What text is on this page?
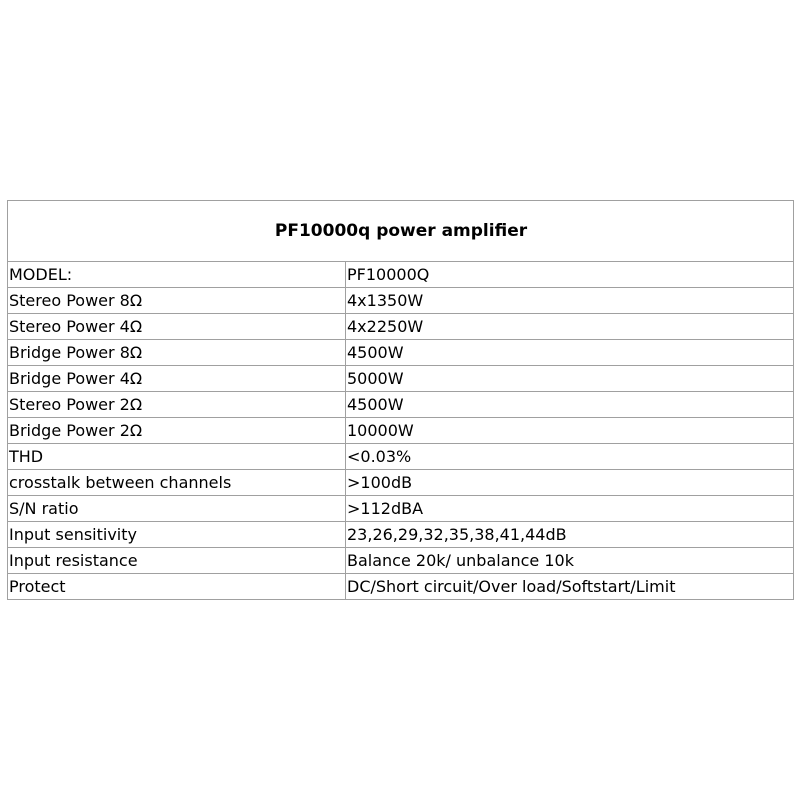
PF10000q power amplifier	
MODEL:	PF10000Q
Stereo Power 8Ω	4x1350W
Stereo Power 4Ω	4x2250W
Bridge Power 8Ω	4500W
Bridge Power 4Ω	5000W
Stereo Power 2Ω	4500W
Bridge Power 2Ω	10000W
THD	<0.03%
crosstalk between channels	>100dB
S/N ratio	>112dBA
Input sensitivity	23,26,29,32,35,38,41,44dB
Input resistance	Balance 20k/ unbalance 10k
Protect	DC/Short circuit/Over load/Softstart/Limit
